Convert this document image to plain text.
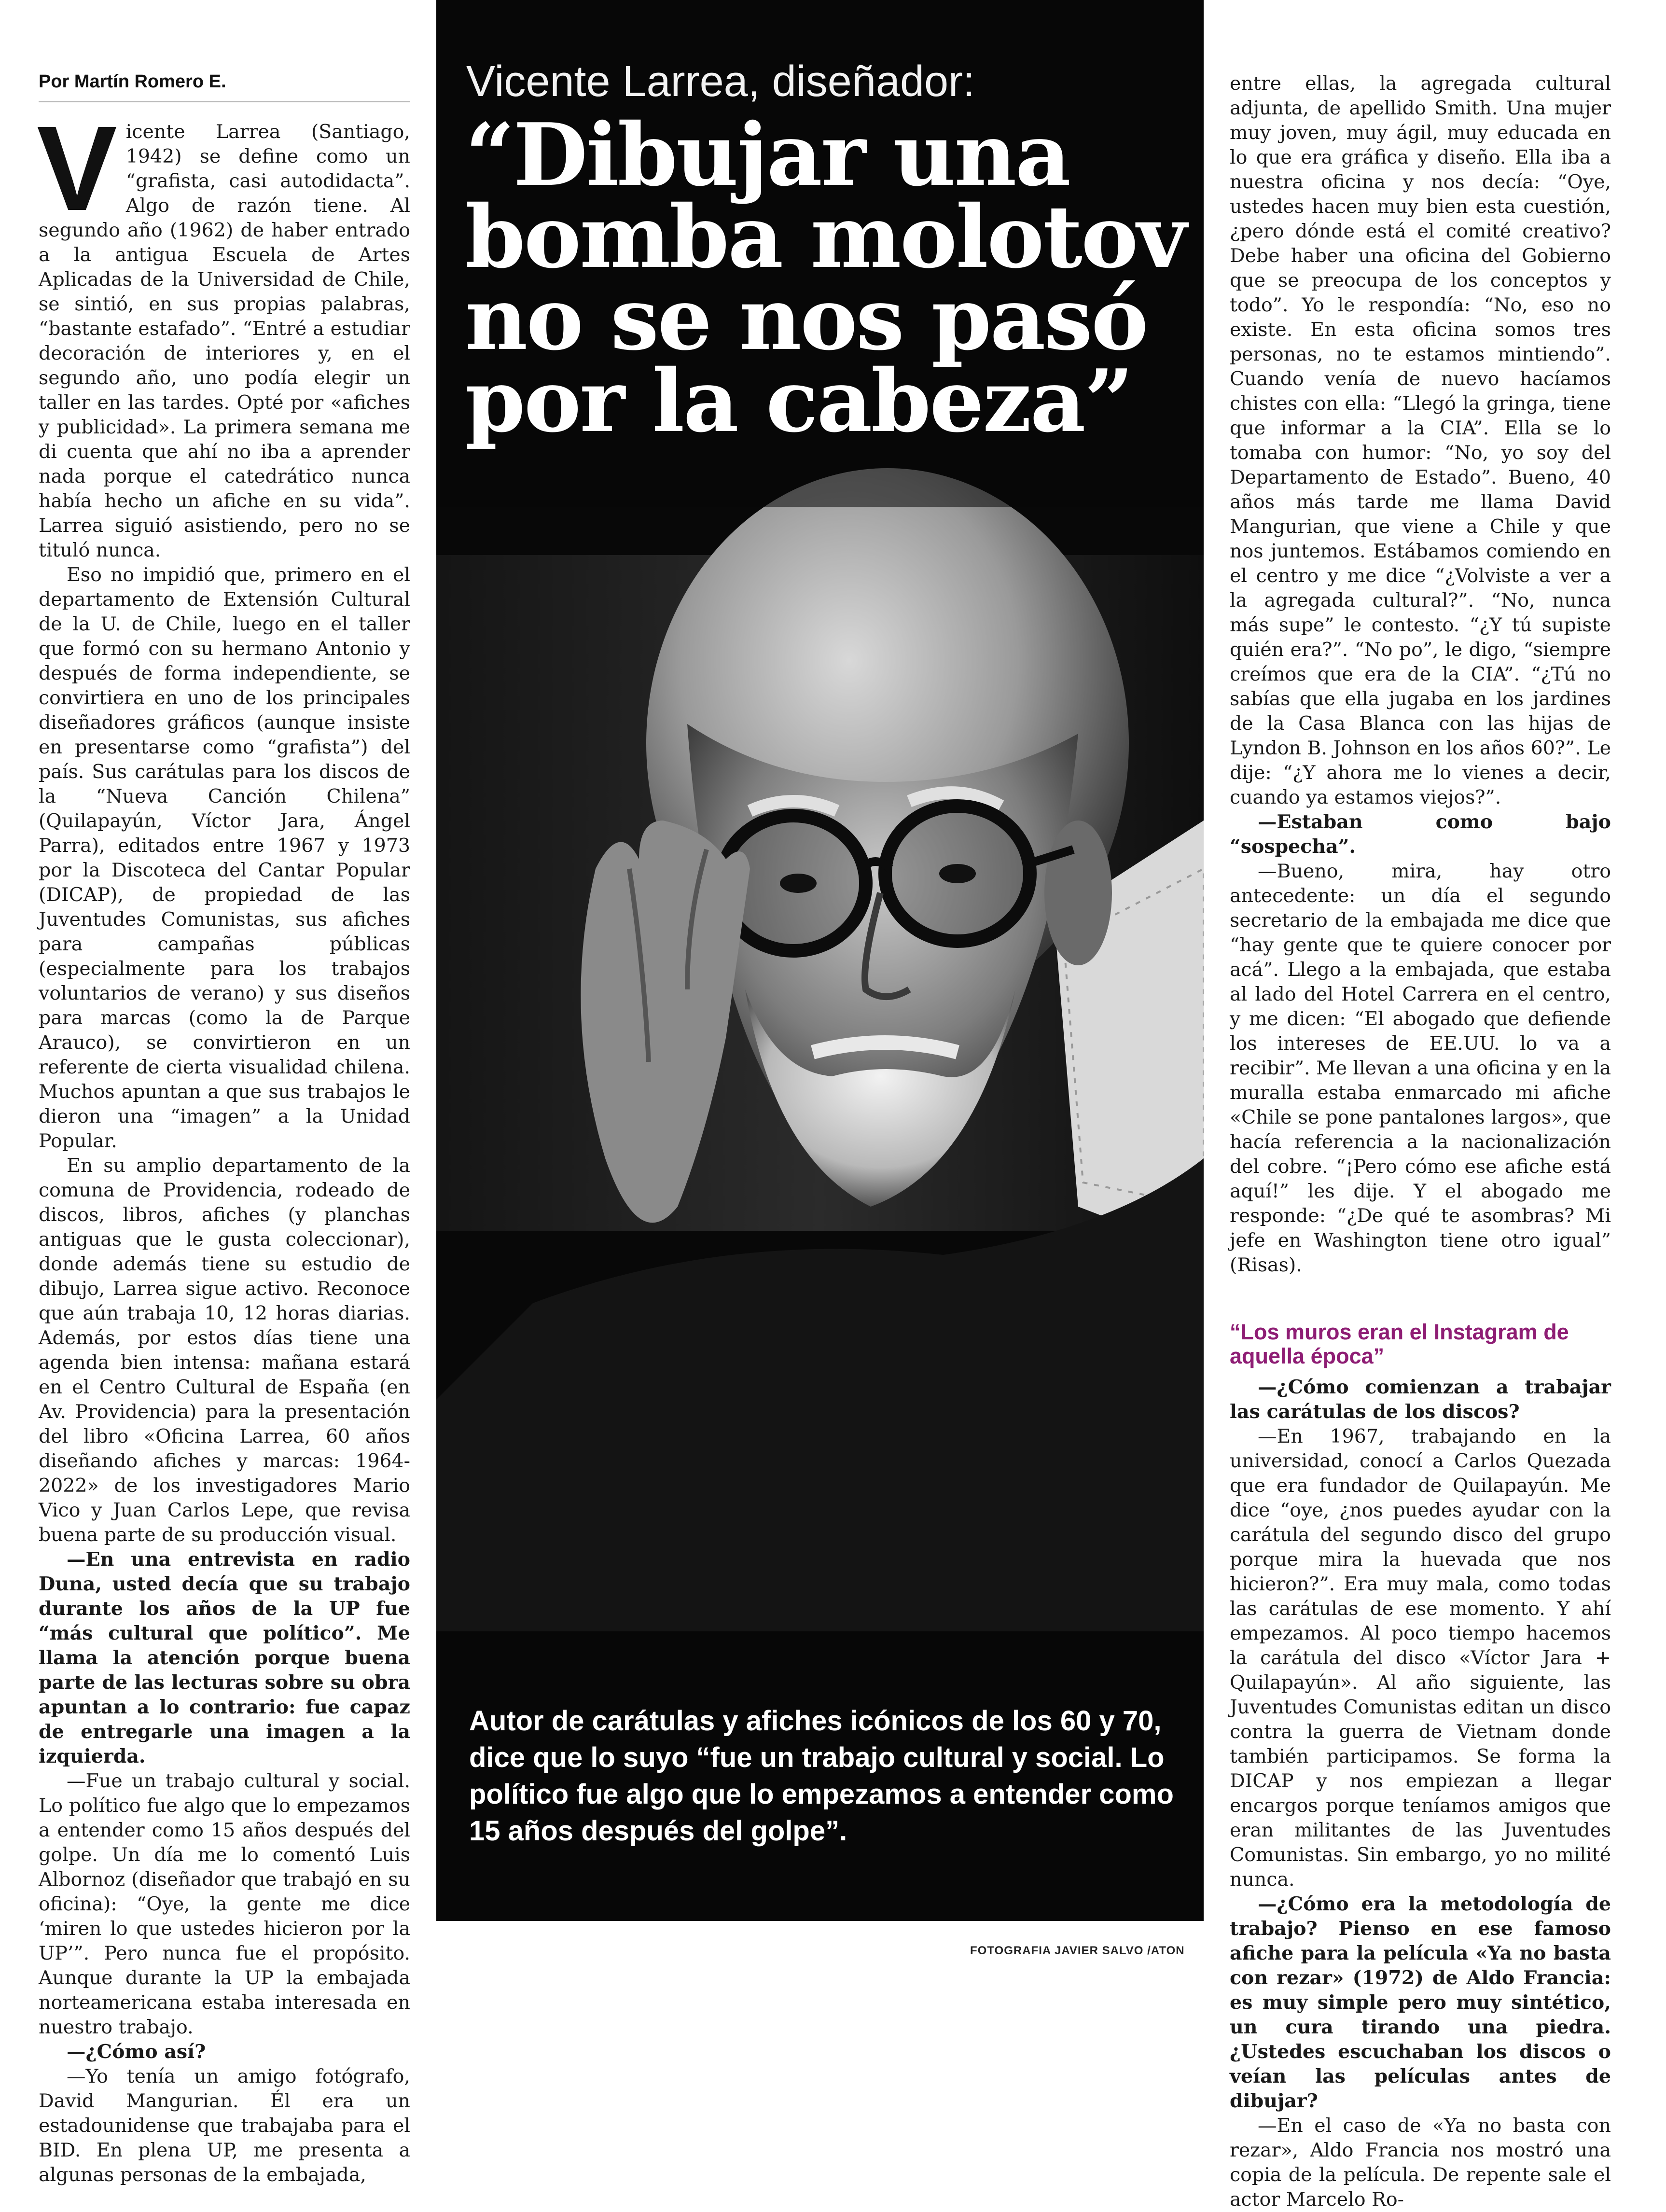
Por Martín Romero E.

Vicente Larrea (Santiago, 1942) se define como un “grafista, casi autodidacta”. Algo de razón tiene. Al segundo año (1962) de haber entrado a la antigua Escuela de Artes Aplicadas de la Universidad de Chile, se sintió, en sus propias palabras, “bastante estafado”. “Entré a estudiar decoración de interiores y, en el segundo año, uno podía elegir un taller en las tardes. Opté por «afiches y publicidad». La primera semana me di cuenta que ahí no iba a aprender nada porque el catedrático nunca había hecho un afiche en su vida”. Larrea siguió asistiendo, pero no se tituló nunca.

Eso no impidió que, primero en el departamento de Extensión Cultural de la U. de Chile, luego en el taller que formó con su hermano Antonio y después de forma independiente, se convirtiera en uno de los principales diseñadores gráficos (aunque insiste en presentarse como “grafista”) del país. Sus carátulas para los discos de la “Nueva Canción Chilena” (Quilapayún, Víctor Jara, Ángel Parra), editados entre 1967 y 1973 por la Discoteca del Cantar Popular (DICAP), de propiedad de las Juventudes Comunistas, sus afiches para campañas públicas (especialmente para los trabajos voluntarios de verano) y sus diseños para marcas (como la de Parque Arauco), se convirtieron en un referente de cierta visualidad chilena. Muchos apuntan a que sus trabajos le dieron una “imagen” a la Unidad Popular.

En su amplio departamento de la comuna de Providencia, rodeado de discos, libros, afiches (y planchas antiguas que le gusta coleccionar), donde además tiene su estudio de dibujo, Larrea sigue activo. Reconoce que aún trabaja 10, 12 horas diarias. Además, por estos días tiene una agenda bien intensa: mañana estará en el Centro Cultural de España (en Av. Providencia) para la presentación del libro «Oficina Larrea, 60 años diseñando afiches y marcas: 1964-2022» de los investigadores Mario Vico y Juan Carlos Lepe, que revisa buena parte de su producción visual.

—En una entrevista en radio Duna, usted decía que su trabajo durante los años de la UP fue “más cultural que político”. Me llama la atención porque buena parte de las lecturas sobre su obra apuntan a lo contrario: fue capaz de entregarle una imagen a la izquierda.

—Fue un trabajo cultural y social. Lo político fue algo que lo empezamos a entender como 15 años después del golpe. Un día me lo comentó Luis Albornoz (diseñador que trabajó en su oficina): “Oye, la gente me dice ‘miren lo que ustedes hicieron por la UP’”. Pero nunca fue el propósito. Aunque durante la UP la embajada norteamericana estaba interesada en nuestro trabajo.

—¿Cómo así?

—Yo tenía un amigo fotógrafo, David Mangurian. Él era un estadounidense que trabajaba para el BID. En plena UP, me presenta a algunas personas de la embajada,

Vicente Larrea, diseñador:
“Dibujar una bomba molotov no se nos pasó por la cabeza”
Autor de carátulas y afiches icónicos de los 60 y 70, dice que lo suyo “fue un trabajo cultural y social. Lo político fue algo que lo empezamos a entender como 15 años después del golpe”.
FOTOGRAFIA JAVIER SALVO /ATON

entre ellas, la agregada cultural adjunta, de apellido Smith. Una mujer muy joven, muy ágil, muy educada en lo que era gráfica y diseño. Ella iba a nuestra oficina y nos decía: “Oye, ustedes hacen muy bien esta cuestión, ¿pero dónde está el comité creativo? Debe haber una oficina del Gobierno que se preocupa de los conceptos y todo”. Yo le respondía: “No, eso no existe. En esta oficina somos tres personas, no te estamos mintiendo”. Cuando venía de nuevo hacíamos chistes con ella: “Llegó la gringa, tiene que informar a la CIA”. Ella se lo tomaba con humor: “No, yo soy del Departamento de Estado”. Bueno, 40 años más tarde me llama David Mangurian, que viene a Chile y que nos juntemos. Estábamos comiendo en el centro y me dice “¿Volviste a ver a la agregada cultural?”. “No, nunca más supe” le contesto. “¿Y tú supiste quién era?”. “No po”, le digo, “siempre creímos que era de la CIA”. “¿Tú no sabías que ella jugaba en los jardines de la Casa Blanca con las hijas de Lyndon B. Johnson en los años 60?”. Le dije: “¿Y ahora me lo vienes a decir, cuando ya estamos viejos?”.

—Estaban como bajo “sospecha”.

—Bueno, mira, hay otro antecedente: un día el segundo secretario de la embajada me dice que “hay gente que te quiere conocer por acá”. Llego a la embajada, que estaba al lado del Hotel Carrera en el centro, y me dicen: “El abogado que defiende los intereses de EE.UU. lo va a recibir”. Me llevan a una oficina y en la muralla estaba enmarcado mi afiche «Chile se pone pantalones largos», que hacía referencia a la nacionalización del cobre. “¡Pero cómo ese afiche está aquí!” les dije. Y el abogado me responde: “¿De qué te asombras? Mi jefe en Washington tiene otro igual” (Risas).

“Los muros eran el Instagram de aquella época”

—¿Cómo comienzan a trabajar las carátulas de los discos?

—En 1967, trabajando en la universidad, conocí a Carlos Quezada que era fundador de Quilapayún. Me dice “oye, ¿nos puedes ayudar con la carátula del segundo disco del grupo porque mira la huevada que nos hicieron?”. Era muy mala, como todas las carátulas de ese momento. Y ahí empezamos. Al poco tiempo hacemos la carátula del disco «Víctor Jara + Quilapayún». Al año siguiente, las Juventudes Comunistas editan un disco contra la guerra de Vietnam donde también participamos. Se forma la DICAP y nos empiezan a llegar encargos porque teníamos amigos que eran militantes de las Juventudes Comunistas. Sin embargo, yo no milité nunca.

—¿Cómo era la metodología de trabajo? Pienso en ese famoso afiche para la película «Ya no basta con rezar» (1972) de Aldo Francia: es muy simple pero muy sintético, un cura tirando una piedra. ¿Ustedes escuchaban los discos o veían las películas antes de dibujar?

—En el caso de «Ya no basta con rezar», Aldo Francia nos mostró una copia de la película. De repente sale el actor Marcelo Ro-
